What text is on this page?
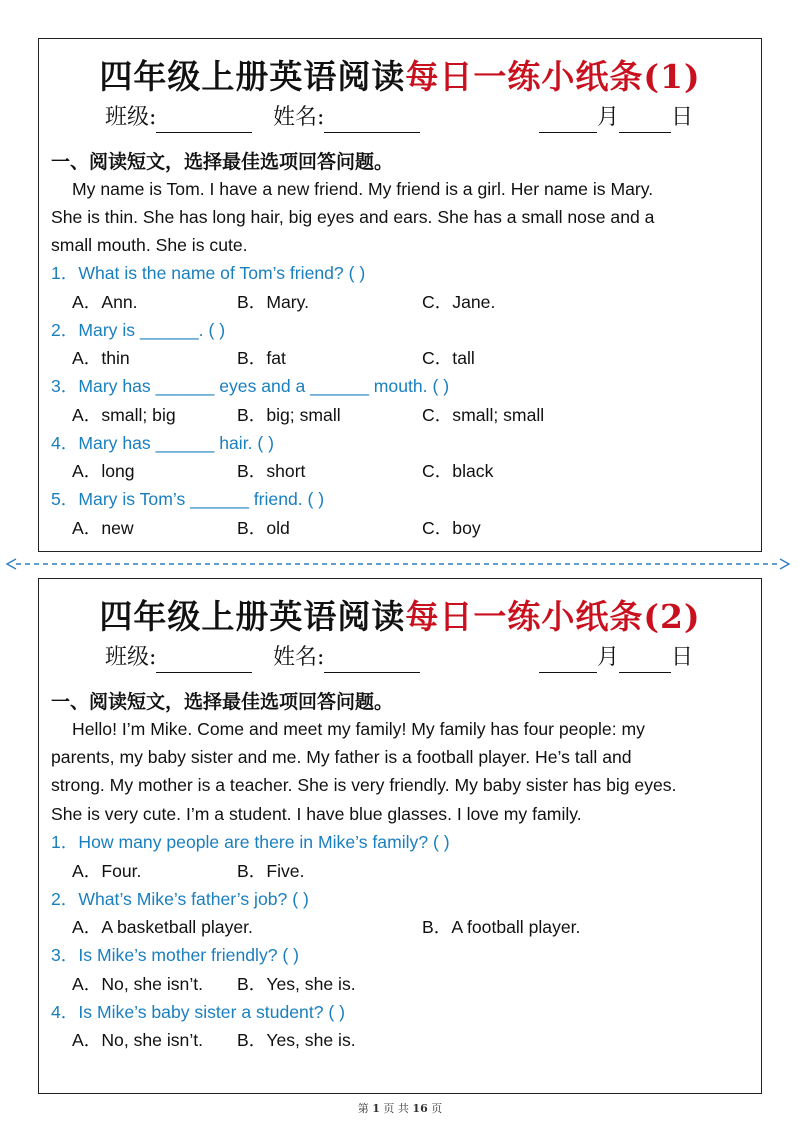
四年级上册英语阅读每日一练小纸条(1)
班级:	姓名:	月 日
一、阅读短文，选择最佳选项回答问题。
My name is Tom. I have a new friend. My friend is a girl. Her name is Mary.
She is thin. She has long hair, big eyes and ears. She has a small nose and a
small mouth. She is cute.
1．What is the name of Tom’s friend? ( )
A．Ann.	B．Mary.	C．Jane.
2．Mary is ______. ( )
A．thin	B．fat	C．tall
3．Mary has ______ eyes and a ______ mouth. ( )
A．small; big	B．big; small	C．small; small
4．Mary has ______ hair. ( )
A．long	B．short	C．black
5．Mary is Tom’s ______ friend. ( )
A．new	B．old	C．boy
四年级上册英语阅读每日一练小纸条(2)
班级:	姓名:	月 日
一、阅读短文，选择最佳选项回答问题。
Hello! I’m Mike. Come and meet my family! My family has four people: my
parents, my baby sister and me. My father is a football player. He’s tall and
strong. My mother is a teacher. She is very friendly. My baby sister has big eyes.
She is very cute. I’m a student. I have blue glasses. I love my family.
1．How many people are there in Mike’s family? ( )
A．Four.	B．Five.
2．What’s Mike’s father’s job? ( )
A．A basketball player.	B．A football player.
3．Is Mike’s mother friendly? ( )
A．No, she isn’t. B．Yes, she is.
4．Is Mike’s baby sister a student? ( )
A．No, she isn’t. B．Yes, she is.
第 1 页 共 16 页
